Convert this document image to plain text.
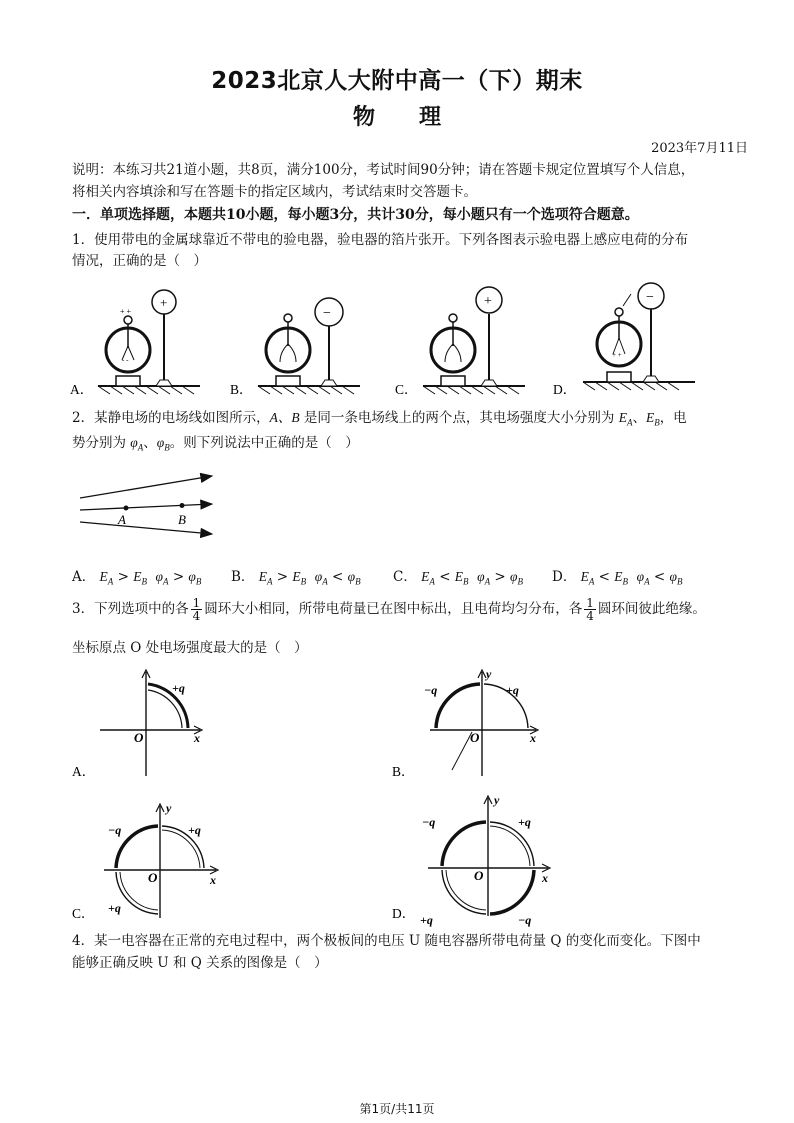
2023北京人大附中高一（下）期末
物 理
2023年7月11日
说明：本练习共21道小题，共8页，满分100分，考试时间90分钟；请在答题卡规定位置填写个人信息，
将相关内容填涂和写在答题卡的指定区域内，考试结束时交答题卡。
一．单项选择题，本题共10小题，每小题3分，共计30分，每小题只有一个选项符合题意。
1．使用带电的金属球靠近不带电的验电器，验电器的箔片张开。下列各图表示验电器上感应电荷的分布
情况，正确的是（　）
+ +
- -
+
A．
−
B．
+
C．
+ +
−
D．
2．某静电场的电场线如图所示，A、B 是同一条电场线上的两个点，其电场强度大小分别为 $E_A$、$E_B$，电
势分别为 $\varphi_A$、$\varphi_B$。则下列说法中正确的是（　）
A	B
A． $E_A > E_B$ $\varphi_A > \varphi_B$ B． $E_A > E_B$ $\varphi_A < \varphi_B$ C． $E_A < E_B$ $\varphi_A > \varphi_B$ D． $E_A < E_B$ $\varphi_A < \varphi_B$
3．下列选项中的各 $\frac{1}{4}$ 圆环大小相同，所带电荷量已在图中标出，且电荷均匀分布，各 $\frac{1}{4}$ 圆环间彼此绝缘。
坐标原点 O 处电场强度最大的是（　）
x
O
+q
A．
x
y
O
−q	+q
B．
x
y
O
−q	+q
+q
C．
x
y
O
−q	+q
+q	−q
D．
4．某一电容器在正常的充电过程中，两个极板间的电压 U 随电容器所带电荷量 Q 的变化而变化。下图中
能够正确反映 U 和 Q 关系的图像是（　）
第1页/共11页
